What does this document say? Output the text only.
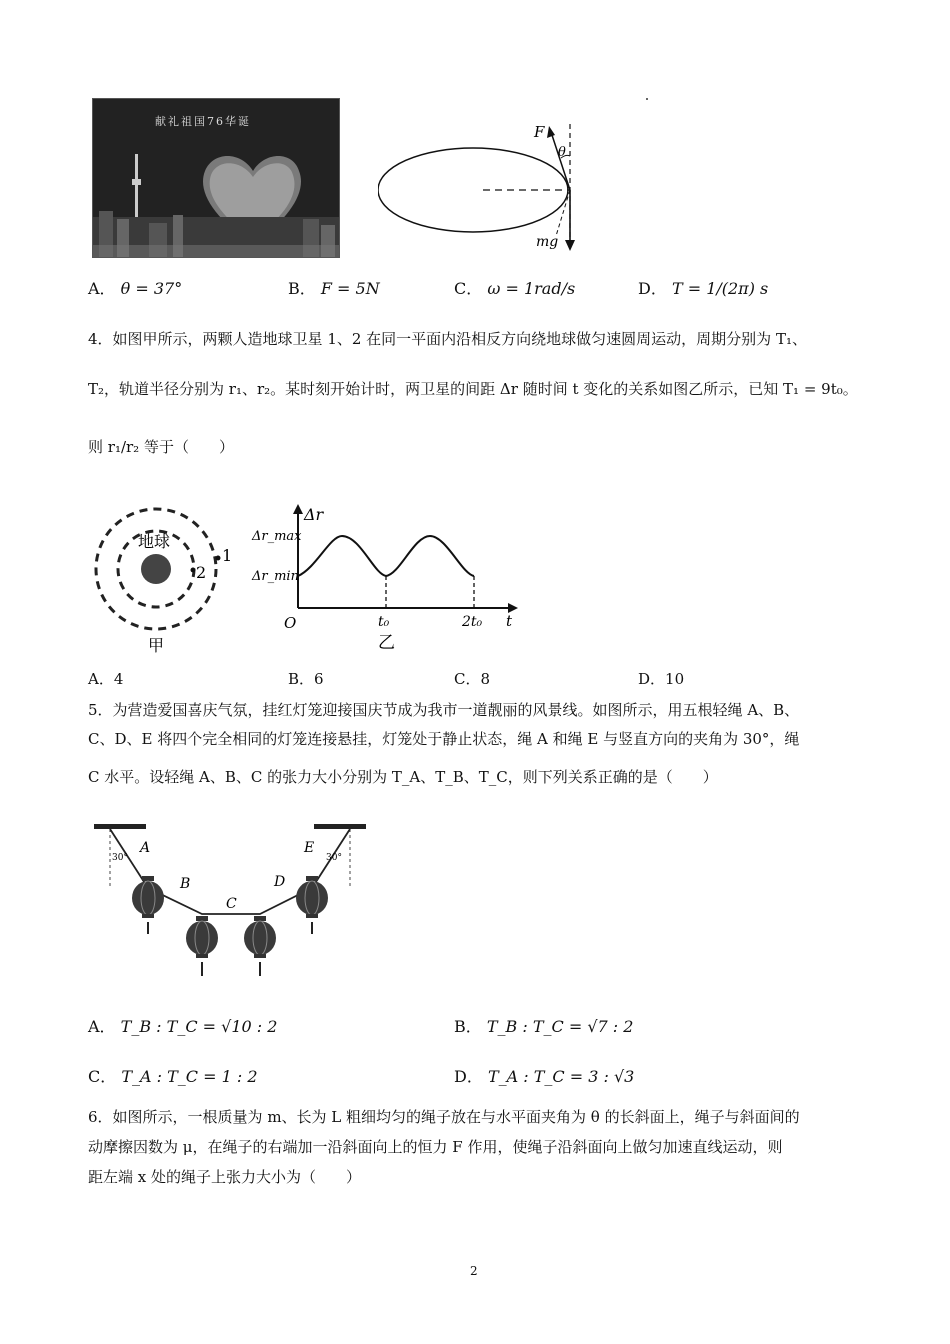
献礼祖国76华诞
F
θ
mg
A． θ = 37°	B． F = 5N	C． ω = 1rad/s	D． T = 1/(2π) s
4．如图甲所示，两颗人造地球卫星 1、2 在同一平面内沿相反方向绕地球做匀速圆周运动，周期分别为 T₁、
T₂，轨道半径分别为 r₁、r₂。某时刻开始计时，两卫星的间距 Δr 随时间 t 变化的关系如图乙所示，已知 T₁ = 9t₀。
则 r₁/r₂ 等于（　　）
地球
1
2
甲
Δr
Δr_max
Δr_min
O	t₀	2t₀ t
乙
A．4	B．6	C．8	D．10
5．为营造爱国喜庆气氛，挂红灯笼迎接国庆节成为我市一道靓丽的风景线。如图所示，用五根轻绳 A、B、
C、D、E 将四个完全相同的灯笼连接悬挂，灯笼处于静止状态，绳 A 和绳 E 与竖直方向的夹角为 30°，绳
C 水平。设轻绳 A、B、C 的张力大小分别为 T_A、T_B、T_C，则下列关系正确的是（　　）
A
B
C
D
E
30°	30°
A． T_B : T_C = √10 : 2	B． T_B : T_C = √7 : 2
C． T_A : T_C = 1 : 2	D． T_A : T_C = 3 : √3
6．如图所示，一根质量为 m、长为 L 粗细均匀的绳子放在与水平面夹角为 θ 的长斜面上，绳子与斜面间的
动摩擦因数为 μ，在绳子的右端加一沿斜面向上的恒力 F 作用，使绳子沿斜面向上做匀加速直线运动，则
距左端 x 处的绳子上张力大小为（　　）
2
